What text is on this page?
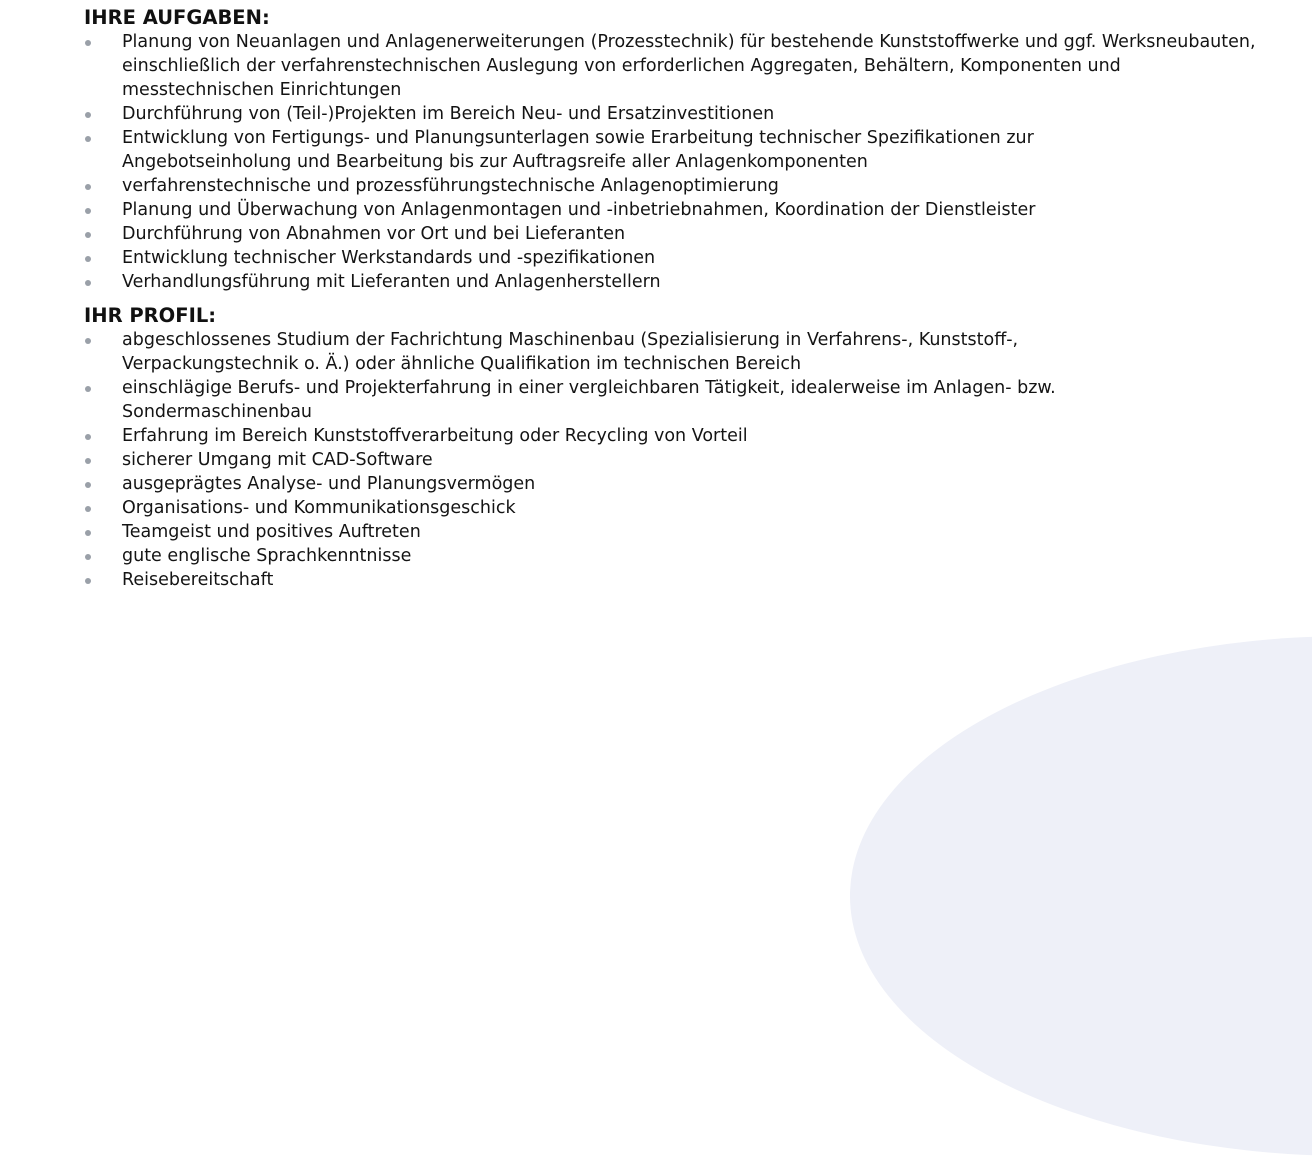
IHRE AUFGABEN:
Planung von Neuanlagen und Anlagenerweiterungen (Prozesstechnik) für bestehende Kunststoffwerke und ggf. Werksneubauten, einschließlich der verfahrenstechnischen Auslegung von erforderlichen Aggregaten, Behältern, Komponenten und messtechnischen Einrichtungen
Durchführung von (Teil-)Projekten im Bereich Neu- und Ersatzinvestitionen
Entwicklung von Fertigungs- und Planungsunterlagen sowie Erarbeitung technischer Spezifikationen zur Angebotseinholung und Bearbeitung bis zur Auftragsreife aller Anlagenkomponenten
verfahrenstechnische und prozessführungstechnische Anlagenoptimierung
Planung und Überwachung von Anlagenmontagen und -inbetriebnahmen, Koordination der Dienstleister
Durchführung von Abnahmen vor Ort und bei Lieferanten
Entwicklung technischer Werkstandards und -spezifikationen
Verhandlungsführung mit Lieferanten und Anlagenherstellern
IHR PROFIL:
abgeschlossenes Studium der Fachrichtung Maschinenbau (Spezialisierung in Verfahrens-, Kunststoff-, Verpackungstechnik o. Ä.) oder ähnliche Qualifikation im technischen Bereich
einschlägige Berufs- und Projekterfahrung in einer vergleichbaren Tätigkeit, idealerweise im Anlagen- bzw. Sondermaschinenbau
Erfahrung im Bereich Kunststoffverarbeitung oder Recycling von Vorteil
sicherer Umgang mit CAD-Software
ausgeprägtes Analyse- und Planungsvermögen
Organisations- und Kommunikationsgeschick
Teamgeist und positives Auftreten
gute englische Sprachkenntnisse
Reisebereitschaft
